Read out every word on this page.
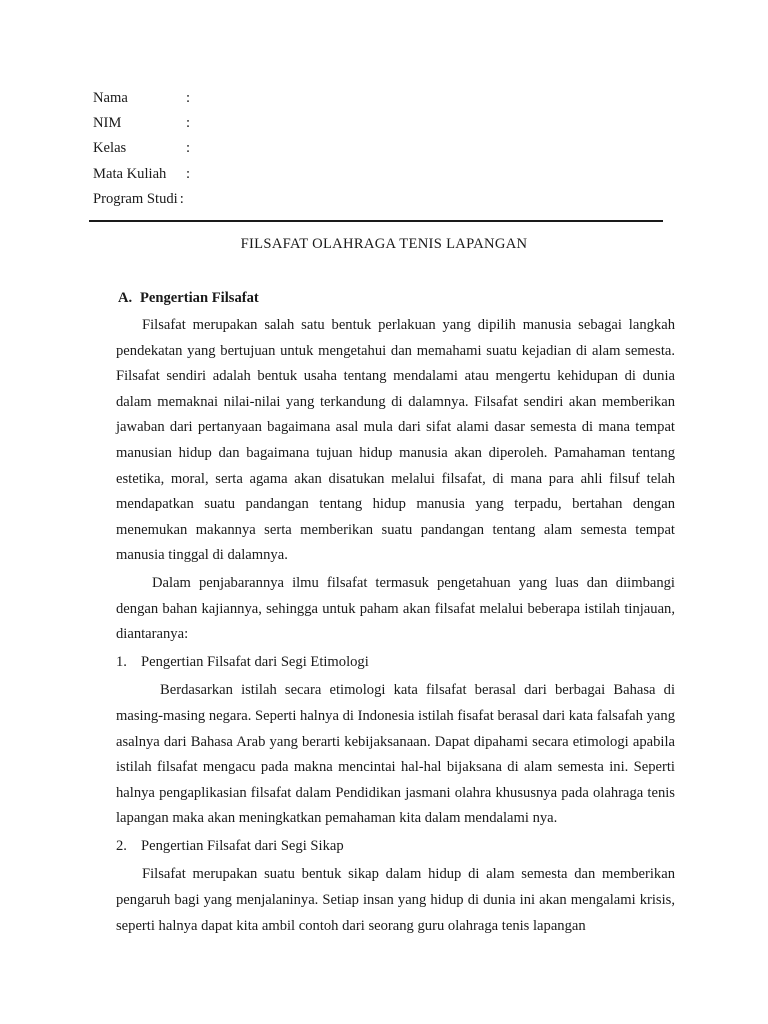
Nama	:
NIM	:
Kelas	:
Mata Kuliah	:
Program Studi :
FILSAFAT OLAHRAGA TENIS LAPANGAN
A. Pengertian Filsafat

Filsafat merupakan salah satu bentuk perlakuan yang dipilih manusia sebagai langkah pendekatan yang bertujuan untuk mengetahui dan memahami suatu kejadian di alam semesta. Filsafat sendiri adalah bentuk usaha tentang mendalami atau mengertu kehidupan di dunia dalam memaknai nilai-nilai yang terkandung di dalamnya. Filsafat sendiri akan memberikan jawaban dari pertanyaan bagaimana asal mula dari sifat alami dasar semesta di mana tempat manusian hidup dan bagaimana tujuan hidup manusia akan diperoleh. Pamahaman tentang estetika, moral, serta agama akan disatukan melalui filsafat, di mana para ahli filsuf telah mendapatkan suatu pandangan tentang hidup manusia yang terpadu, bertahan dengan menemukan makannya serta memberikan suatu pandangan tentang alam semesta tempat manusia tinggal di dalamnya.

Dalam penjabarannya ilmu filsafat termasuk pengetahuan yang luas dan diimbangi dengan bahan kajiannya, sehingga untuk paham akan filsafat melalui beberapa istilah tinjauan, diantaranya:

1. Pengertian Filsafat dari Segi Etimologi

Berdasarkan istilah secara etimologi kata filsafat berasal dari berbagai Bahasa di masing-masing negara. Seperti halnya di Indonesia istilah fisafat berasal dari kata falsafah yang asalnya dari Bahasa Arab yang berarti kebijaksanaan. Dapat dipahami secara etimologi apabila istilah filsafat mengacu pada makna mencintai hal-hal bijaksana di alam semesta ini. Seperti halnya pengaplikasian filsafat dalam Pendidikan jasmani olahra khususnya pada olahraga tenis lapangan maka akan meningkatkan pemahaman kita dalam mendalami nya.

2. Pengertian Filsafat dari Segi Sikap

Filsafat merupakan suatu bentuk sikap dalam hidup di alam semesta dan memberikan pengaruh bagi yang menjalaninya. Setiap insan yang hidup di dunia ini akan mengalami krisis, seperti halnya dapat kita ambil contoh dari seorang guru olahraga tenis lapangan
